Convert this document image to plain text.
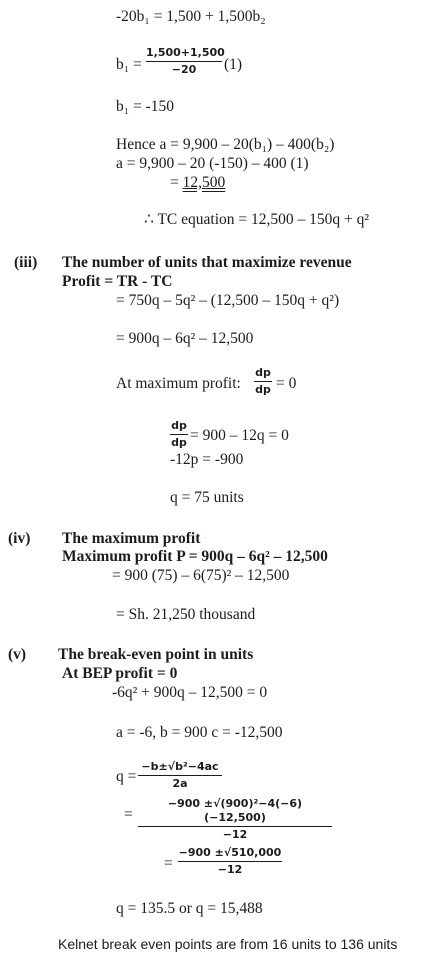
-20b₁ = 1,500 + 1,500b₂
b₁ =
1,500+1,500
−20	(1)
b₁ = -150
Hence a = 9,900 – 20(b₁) – 400(b₂)
a = 9,900 – 20 (-150) – 400 (1)
= 12,500
∴ TC equation = 12,500 – 150q + q²
(iii) The number of units that maximize revenue
Profit = TR - TC
= 750q – 5q² – (12,500 – 150q + q²)
= 900q – 6q² – 12,500
At maximum profit:
dp
dp = 0
dp
dp = 900 – 12q = 0
-12p = -900
q = 75 units
(iv) The maximum profit
Maximum profit P = 900q – 6q² – 12,500
= 900 (75) – 6(75)² – 12,500
= Sh. 21,250 thousand
(v) The break-even point in units
At BEP profit = 0
-6q² + 900q – 12,500 = 0
a = -6, b = 900 c = -12,500
q =
−b±√b²−4ac
2a
=
−900 ±√(900)²−4(−6)(−12,500)
−12
=
−900 ±√510,000
−12
q = 135.5 or q = 15,488
Kelnet break even points are from 16 units to 136 units
